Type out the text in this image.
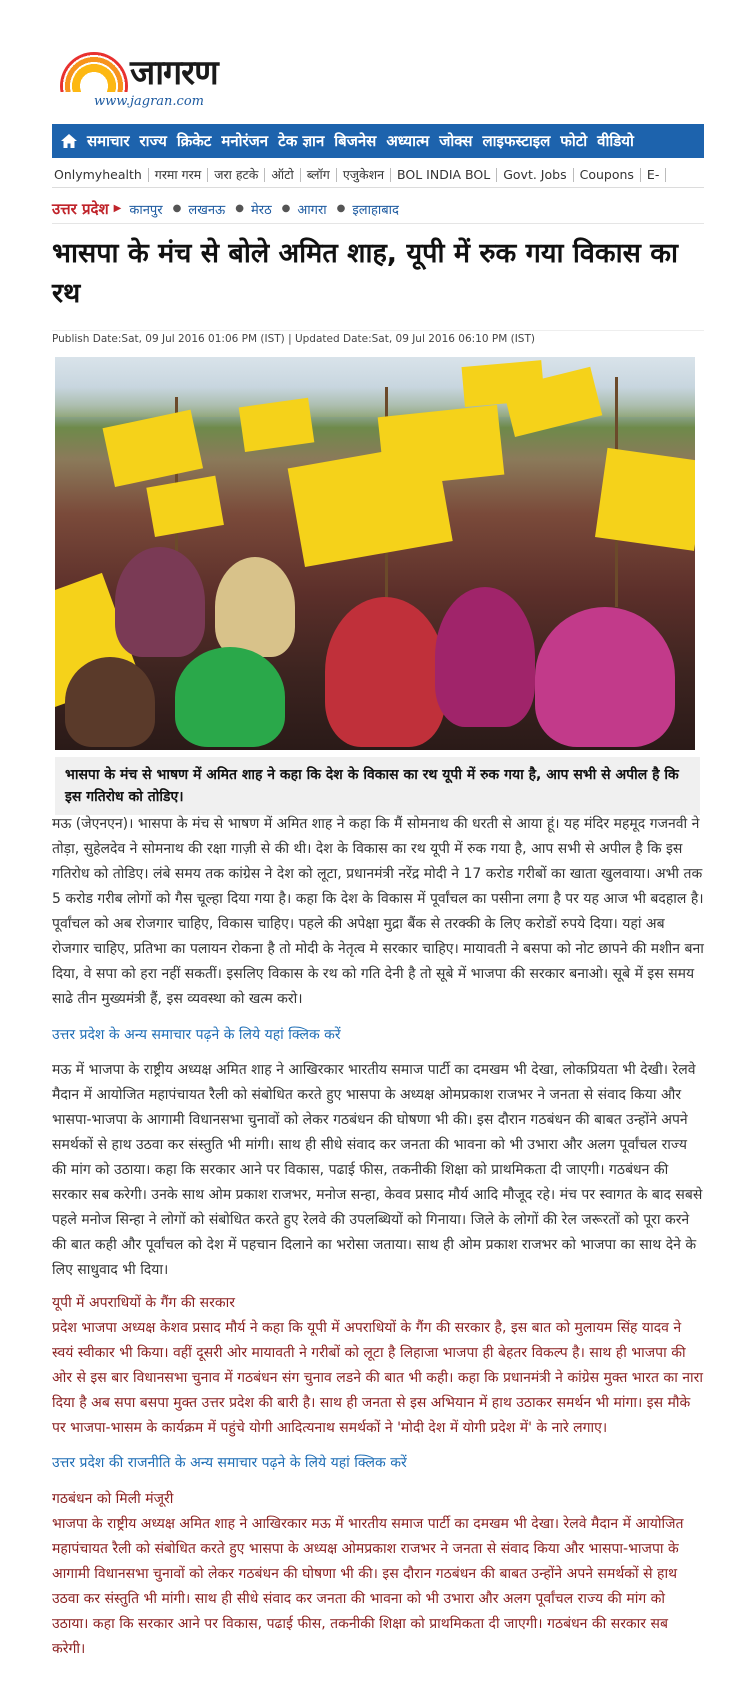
जागरण
www.jagran.com
समाचार राज्य क्रिकेट मनोरंजन टेक ज्ञान बिजनेस अध्यात्म जोक्स लाइफस्टाइल फोटो वीडियो
Onlymyhealth	गरमा गरम	जरा हटके	ऑटो	ब्लॉग	एजुकेशन	BOL INDIA BOL	Govt. Jobs	Coupons	E-
उत्तर प्रदेश ▶ कानपुर ● लखनऊ ● मेरठ ● आगरा ● इलाहाबाद
भासपा के मंच से बोले अमित शाह, यूपी में रुक गया विकास का रथ
Publish Date:Sat, 09 Jul 2016 01:06 PM (IST) | Updated Date:Sat, 09 Jul 2016 06:10 PM (IST)
भासपा के मंच से भाषण में अमित शाह ने कहा कि देश के विकास का रथ यूपी में रुक गया है, आप सभी से अपील है कि इस गतिरोध को तोडिए।

मऊ (जेएनएन)। भासपा के मंच से भाषण में अमित शाह ने कहा कि मैं सोमनाथ की धरती से आया हूं। यह मंदिर महमूद गजनवी ने तोड़ा, सुहेलदेव ने सोमनाथ की रक्षा गाज़ी से की थी। देश के विकास का रथ यूपी में रुक गया है, आप सभी से अपील है कि इस गतिरोध को तोडिए। लंबे समय तक कांग्रेस ने देश को लूटा, प्रधानमंत्री नरेंद्र मोदी ने 17 करोड गरीबों का खाता खुलवाया। अभी तक 5 करोड गरीब लोगों को गैस चूल्हा दिया गया है। कहा कि देश के विकास में पूर्वांचल का पसीना लगा है पर यह आज भी बदहाल है। पूर्वांचल को अब रोजगार चाहिए, विकास चाहिए। पहले की अपेक्षा मुद्रा बैंक से तरक्की के लिए करोडों रुपये दिया। यहां अब रोजगार चाहिए, प्रतिभा का पलायन रोकना है तो मोदी के नेतृत्व मे सरकार चाहिए। मायावती ने बसपा को नोट छापने की मशीन बना दिया, वे सपा को हरा नहीं सकतीं। इसलिए विकास के रथ को गति देनी है तो सूबे में भाजपा की सरकार बनाओ। सूबे में इस समय साढे तीन मुख्यमंत्री हैं, इस व्यवस्था को खत्म करो।

उत्तर प्रदेश के अन्य समाचार पढ़ने के लिये यहां क्लिक करें

मऊ में भाजपा के राष्ट्रीय अध्यक्ष अमित शाह ने आखिरकार भारतीय समाज पार्टी का दमखम भी देखा, लोकप्रियता भी देखी। रेलवे मैदान में आयोजित महापंचायत रैली को संबोधित करते हुए भासपा के अध्यक्ष ओमप्रकाश राजभर ने जनता से संवाद किया और भासपा-भाजपा के आगामी विधानसभा चुनावों को लेकर गठबंधन की घोषणा भी की। इस दौरान गठबंधन की बाबत उन्होंने अपने समर्थकों से हाथ उठवा कर संस्तुति भी मांगी। साथ ही सीधे संवाद कर जनता की भावना को भी उभारा और अलग पूर्वांचल राज्य की मांग को उठाया। कहा कि सरकार आने पर विकास, पढाई फीस, तकनीकी शिक्षा को प्राथमिकता दी जाएगी। गठबंधन की सरकार सब करेगी। उनके साथ ओम प्रकाश राजभर, मनोज सन्हा, केवव प्रसाद मौर्य आदि मौजूद रहे। मंच पर स्वागत के बाद सबसे पहले मनोज सिन्हा ने लोगों को संबोधित करते हुए रेलवे की उपलब्धियों को गिनाया। जिले के लोगों की रेल जरूरतों को पूरा करने की बात कही और पूर्वांचल को देश में पहचान दिलाने का भरोसा जताया। साथ ही ओम प्रकाश राजभर को भाजपा का साथ देने के लिए साधुवाद भी दिया।

यूपी में अपराधियों के गैंग की सरकार

प्रदेश भाजपा अध्यक्ष केशव प्रसाद मौर्य ने कहा कि यूपी में अपराधियों के गैंग की सरकार है, इस बात को मुलायम सिंह यादव ने स्वयं स्वीकार भी किया। वहीं दूसरी ओर मायावती ने गरीबों को लूटा है लिहाजा भाजपा ही बेहतर विकल्प है। साथ ही भाजपा की ओर से इस बार विधानसभा चुनाव में गठबंधन संग चुनाव लडने की बात भी कही। कहा कि प्रधानमंत्री ने कांग्रेस मुक्त भारत का नारा दिया है अब सपा बसपा मुक्त उत्तर प्रदेश की बारी है। साथ ही जनता से इस अभियान में हाथ उठाकर समर्थन भी मांगा। इस मौके पर भाजपा-भासम के कार्यक्रम में पहुंचे योगी आदित्यनाथ समर्थकों ने 'मोदी देश में योगी प्रदेश में' के नारे लगाए।

उत्तर प्रदेश की राजनीति के अन्य समाचार पढ़ने के लिये यहां क्लिक करें
गठबंधन को मिली मंजूरी

भाजपा के राष्ट्रीय अध्यक्ष अमित शाह ने आखिरकार मऊ में भारतीय समाज पार्टी का दमखम भी देखा। रेलवे मैदान में आयोजित महापंचायत रैली को संबोधित करते हुए भासपा के अध्यक्ष ओमप्रकाश राजभर ने जनता से संवाद किया और भासपा-भाजपा के आगामी विधानसभा चुनावों को लेकर गठबंधन की घोषणा भी की। इस दौरान गठबंधन की बाबत उन्होंने अपने समर्थकों से हाथ उठवा कर संस्तुति भी मांगी। साथ ही सीधे संवाद कर जनता की भावना को भी उभारा और अलग पूर्वांचल राज्य की मांग को उठाया। कहा कि सरकार आने पर विकास, पढाई फीस, तकनीकी शिक्षा को प्राथमिकता दी जाएगी। गठबंधन की सरकार सब करेगी।
